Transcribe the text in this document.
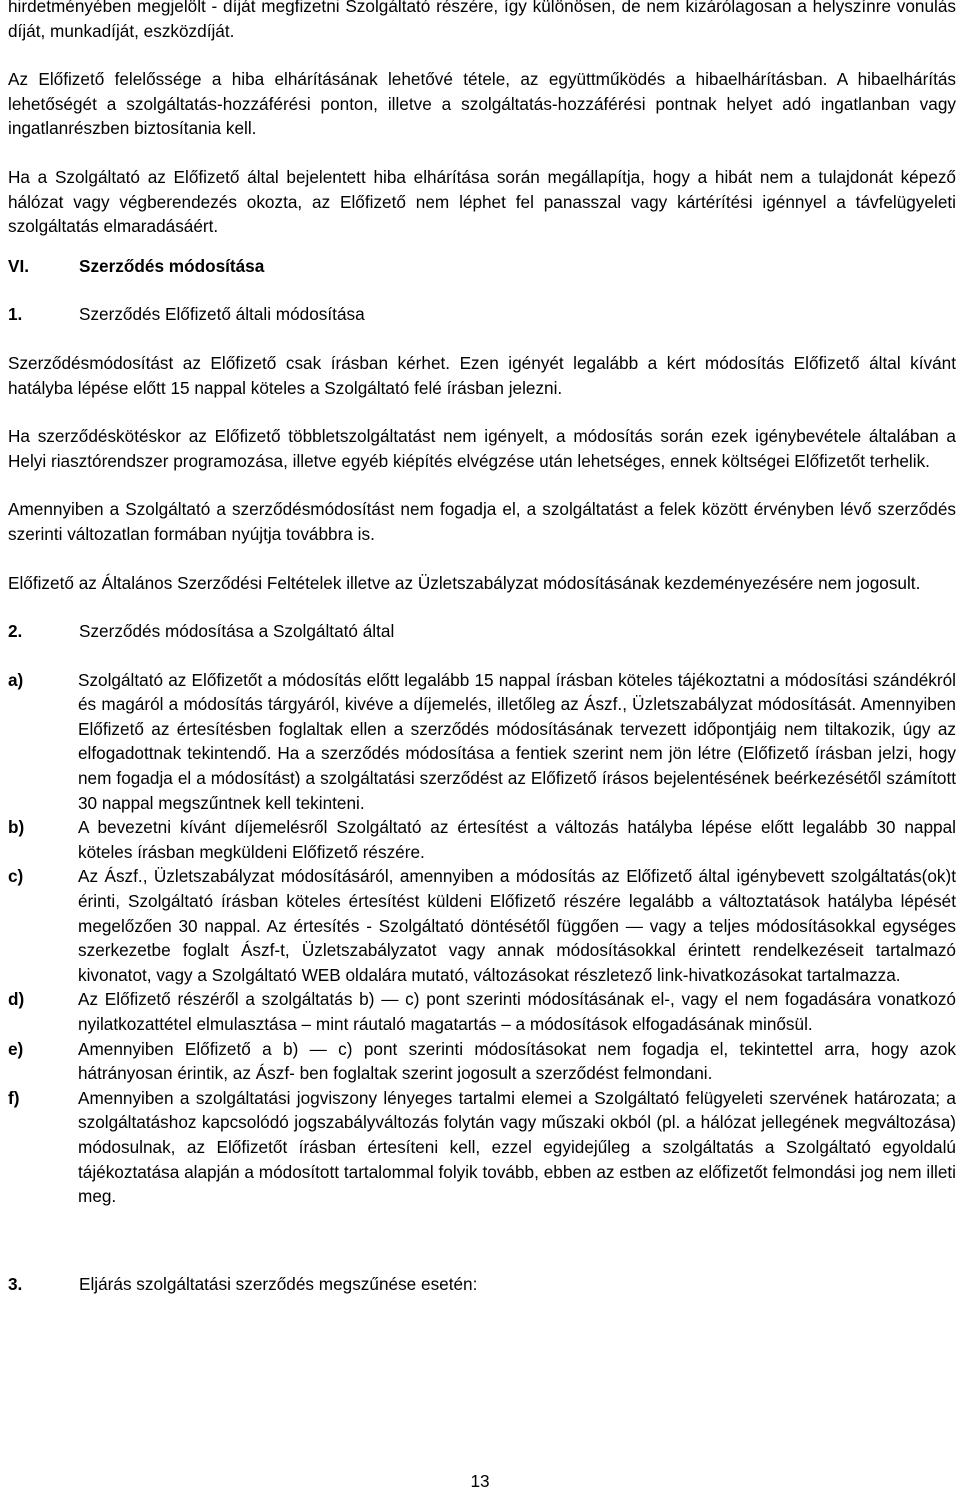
hirdetményében megjelölt - díját megfizetni Szolgáltató részére, így különösen, de nem kizárólagosan a helyszínre vonulás díját, munkadíját, eszközdíját.

Az Előfizető felelőssége a hiba elhárításának lehetővé tétele, az együttműködés a hibaelhárításban. A hibaelhárítás lehetőségét a szolgáltatás-hozzáférési ponton, illetve a szolgáltatás-hozzáférési pontnak helyet adó ingatlanban vagy ingatlanrészben biztosítania kell.

Ha a Szolgáltató az Előfizető által bejelentett hiba elhárítása során megállapítja, hogy a hibát nem a tulajdonát képező hálózat vagy végberendezés okozta, az Előfizető nem léphet fel panasszal vagy kártérítési igénnyel a távfelügyeleti szolgáltatás elmaradásáért.

VI.	Szerződés módosítása
1.	Szerződés Előfizető általi módosítása

Szerződésmódosítást az Előfizető csak írásban kérhet. Ezen igényét legalább a kért módosítás Előfizető által kívánt hatályba lépése előtt 15 nappal köteles a Szolgáltató felé írásban jelezni.

Ha szerződéskötéskor az Előfizető többletszolgáltatást nem igényelt, a módosítás során ezek igénybevétele általában a Helyi riasztórendszer programozása, illetve egyéb kiépítés elvégzése után lehetséges, ennek költségei Előfizetőt terhelik.

Amennyiben a Szolgáltató a szerződésmódosítást nem fogadja el, a szolgáltatást a felek között érvényben lévő szerződés szerinti változatlan formában nyújtja továbbra is.

Előfizető az Általános Szerződési Feltételek illetve az Üzletszabályzat módosításának kezdeményezésére nem jogosult.

2.	Szerződés módosítása a Szolgáltató által
a)	Szolgáltató az Előfizetőt a módosítás előtt legalább 15 nappal írásban köteles tájékoztatni a módosítási szándékról és magáról a módosítás tárgyáról, kivéve a díjemelés, illetőleg az Ászf., Üzletszabályzat módosítását. Amennyiben Előfizető az értesítésben foglaltak ellen a szerződés módosításának tervezett időpontjáig nem tiltakozik, úgy az elfogadottnak tekintendő. Ha a szerződés módosítása a fentiek szerint nem jön létre (Előfizető írásban jelzi, hogy nem fogadja el a módosítást) a szolgáltatási szerződést az Előfizető írásos bejelentésének beérkezésétől számított 30 nappal megszűntnek kell tekinteni.
b)	A bevezetni kívánt díjemelésről Szolgáltató az értesítést a változás hatályba lépése előtt legalább 30 nappal köteles írásban megküldeni Előfizető részére.
c)	Az Ászf., Üzletszabályzat módosításáról, amennyiben a módosítás az Előfizető által igénybevett szolgáltatás(ok)t érinti, Szolgáltató írásban köteles értesítést küldeni Előfizető részére legalább a változtatások hatályba lépését megelőzően 30 nappal. Az értesítés - Szolgáltató döntésétől függően — vagy a teljes módosításokkal egységes szerkezetbe foglalt Ászf-t, Üzletszabályzatot vagy annak módosításokkal érintett rendelkezéseit tartalmazó kivonatot, vagy a Szolgáltató WEB oldalára mutató, változásokat részletező link-hivatkozásokat tartalmazza.
d)	Az Előfizető részéről a szolgáltatás b) — c) pont szerinti módosításának el-, vagy el nem fogadására vonatkozó nyilatkozattétel elmulasztása – mint ráutaló magatartás – a módosítások elfogadásának minősül.
e)	Amennyiben Előfizető a b) — c) pont szerinti módosításokat nem fogadja el, tekintettel arra, hogy azok hátrányosan érintik, az Ászf- ben foglaltak szerint jogosult a szerződést felmondani.
f)	Amennyiben a szolgáltatási jogviszony lényeges tartalmi elemei a Szolgáltató felügyeleti szervének határozata; a szolgáltatáshoz kapcsolódó jogszabályváltozás folytán vagy műszaki okból (pl. a hálózat jellegének megváltozása) módosulnak, az Előfizetőt írásban értesíteni kell, ezzel egyidejűleg a szolgáltatás a Szolgáltató egyoldalú tájékoztatása alapján a módosított tartalommal folyik tovább, ebben az estben az előfizetőt felmondási jog nem illeti meg.
3.	Eljárás szolgáltatási szerződés megszűnése esetén:
13
